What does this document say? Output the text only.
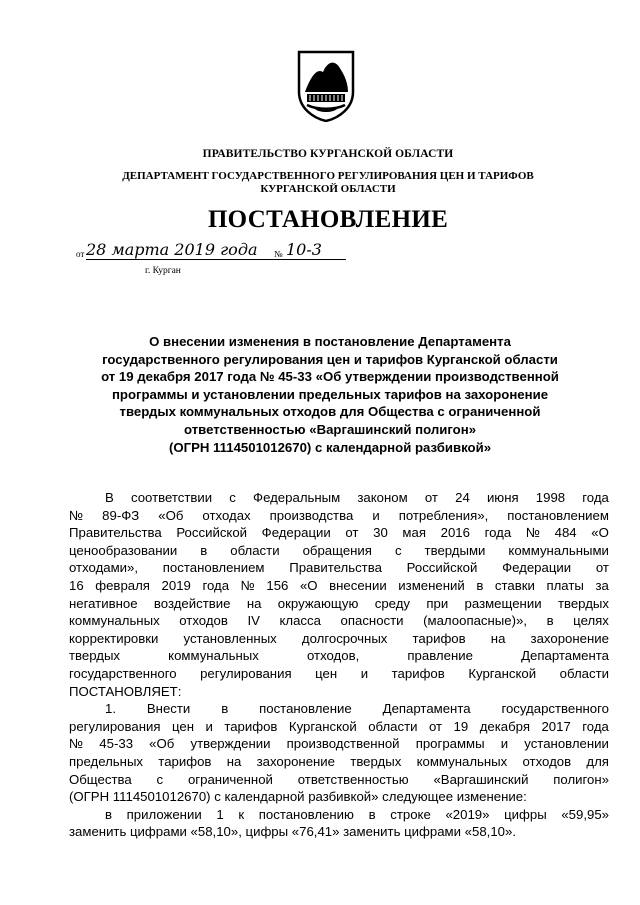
ПРАВИТЕЛЬСТВО КУРГАНСКОЙ ОБЛАСТИ
ДЕПАРТАМЕНТ ГОСУДАРСТВЕННОГО РЕГУЛИРОВАНИЯ ЦЕН И ТАРИФОВ
КУРГАНСКОЙ ОБЛАСТИ
ПОСТАНОВЛЕНИЕ
от 28 марта 2019 года	№ 10-3
г. Курган
О внесении изменения в постановление Департамента
государственного регулирования цен и тарифов Курганской области
от 19 декабря 2017 года № 45-33 «Об утверждении производственной
программы и установлении предельных тарифов на захоронение
твердых коммунальных отходов для Общества с ограниченной
ответственностью «Варгашинский полигон»
(ОГРН 1114501012670) с календарной разбивкой»
В соответствии с Федеральным законом от 24 июня 1998 года
№ 89-ФЗ «Об отходах производства и потребления», постановлением
Правительства Российской Федерации от 30 мая 2016 года № 484 «О
ценообразовании в области обращения с твердыми коммунальными
отходами», постановлением Правительства Российской Федерации от
16 февраля 2019 года № 156 «О внесении изменений в ставки платы за
негативное воздействие на окружающую среду при размещении твердых
коммунальных отходов IV класса опасности (малоопасные)», в целях
корректировки установленных долгосрочных тарифов на захоронение
твердых	коммунальных	отходов,	правление	Департамента
государственного регулирования цен и тарифов Курганской области
ПОСТАНОВЛЯЕТ:
1. Внести в постановление Департамента государственного
регулирования цен и тарифов Курганской области от 19 декабря 2017 года
№ 45-33 «Об утверждении производственной программы и установлении
предельных тарифов на захоронение твердых коммунальных отходов для
Общества с ограниченной ответственностью «Варгашинский полигон»
(ОГРН 1114501012670) с календарной разбивкой» следующее изменение:
в приложении 1 к постановлению в строке «2019» цифры «59,95»
заменить цифрами «58,10», цифры «76,41» заменить цифрами «58,10».
